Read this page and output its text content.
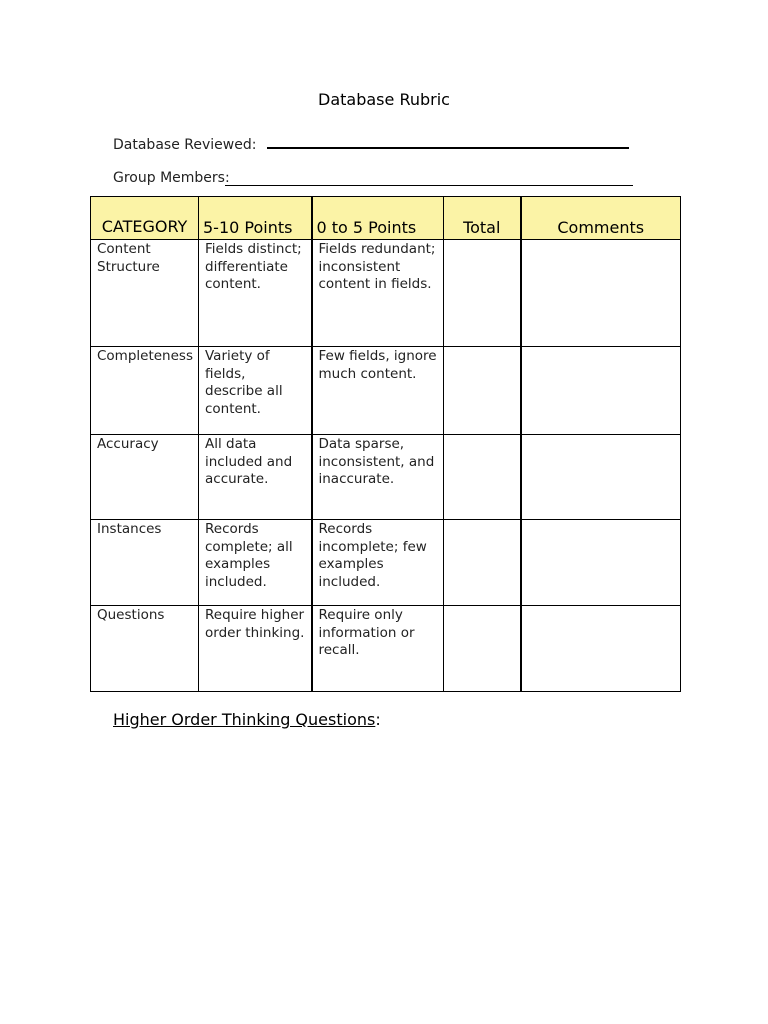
Database Rubric
Database Reviewed:
Group Members:
CATEGORY	5-10 Points	0 to 5 Points	Total	Comments
Content Structure	Fields distinct; differentiate content.	Fields redundant; inconsistent content in fields.		
Completeness	Variety of fields, describe all content.	Few fields, ignore much content.		
Accuracy	All data included and accurate.	Data sparse, inconsistent, and inaccurate.		
Instances	Records complete; all examples included.	Records incomplete; few examples included.		
Questions	Require higher order thinking.	Require only information or recall.		
Higher Order Thinking Questions:
